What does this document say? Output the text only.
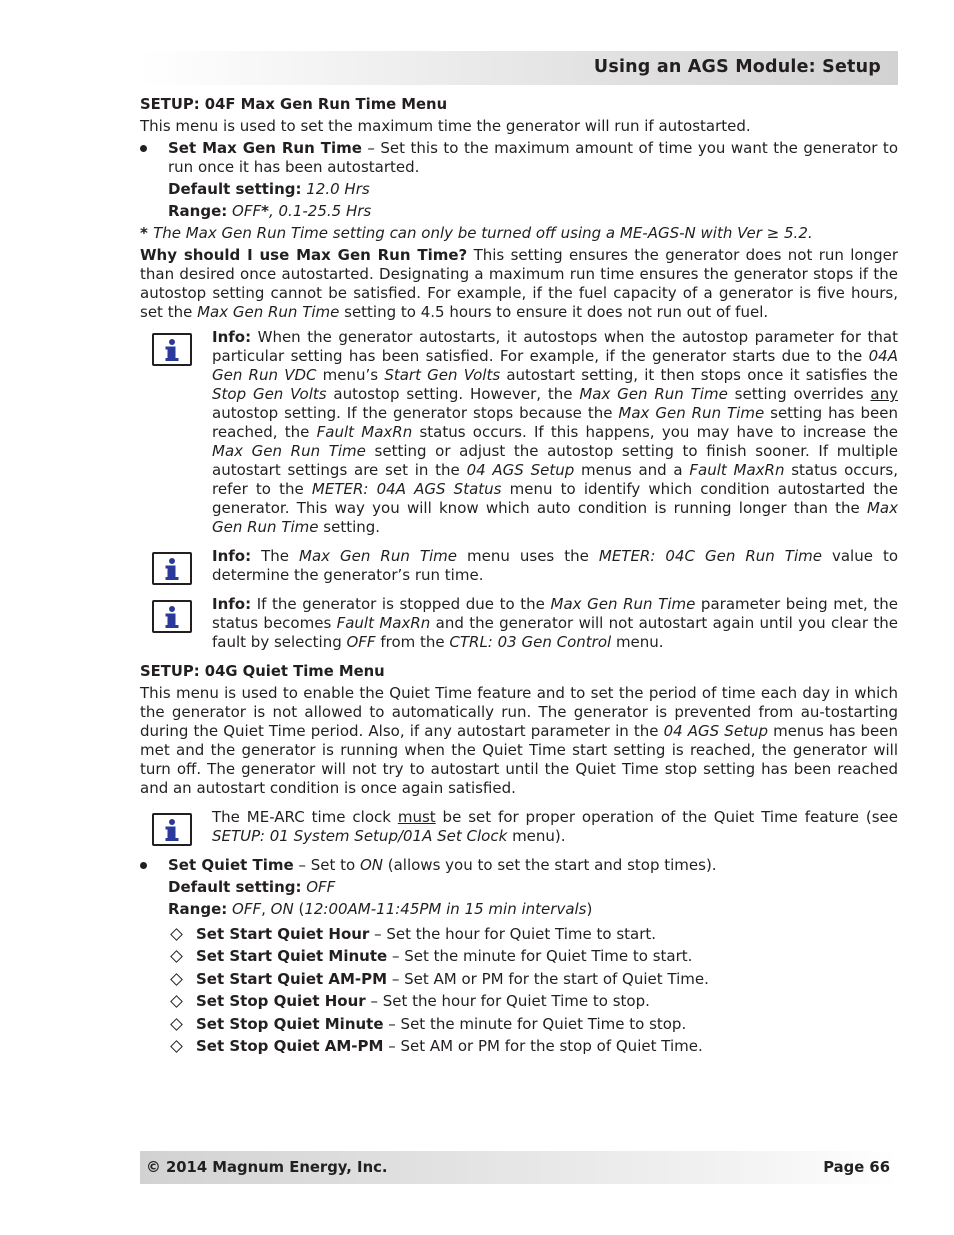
Using an AGS Module: Setup
SETUP: 04F Max Gen Run Time Menu

This menu is used to set the maximum time the generator will run if autostarted.

Set Max Gen Run Time – Set this to the maximum amount of time you want the generator to run once it has been autostarted.

Default setting: 12.0 Hrs
Range: OFF*, 0.1-25.5 Hrs

* The Max Gen Run Time setting can only be turned off using a ME-AGS-N with Ver ≥ 5.2.

Why should I use Max Gen Run Time? This setting ensures the generator does not run longer than desired once autostarted. Designating a maximum run time ensures the generator stops if the autostop setting cannot be satisfied. For example, if the fuel capacity of a generator is five hours, set the Max Gen Run Time setting to 4.5 hours to ensure it does not run out of fuel.

Info: When the generator autostarts, it autostops when the autostop parameter for that particular setting has been satisfied. For example, if the generator starts due to the 04A Gen Run VDC menu’s Start Gen Volts autostart setting, it then stops once it satisfies the Stop Gen Volts autostop setting. However, the Max Gen Run Time setting overrides any autostop setting. If the generator stops because the Max Gen Run Time setting has been reached, the Fault MaxRn status occurs. If this happens, you may have to increase the Max Gen Run Time setting or adjust the autostop setting to finish sooner. If multiple autostart settings are set in the 04 AGS Setup menus and a Fault MaxRn status occurs, refer to the METER: 04A AGS Status menu to identify which condition autostarted the generator. This way you will know which auto condition is running longer than the Max Gen Run Time setting.

Info: The Max Gen Run Time menu uses the METER: 04C Gen Run Time value to determine the generator’s run time.

Info: If the generator is stopped due to the Max Gen Run Time parameter being met, the status becomes Fault MaxRn and the generator will not autostart again until you clear the fault by selecting OFF from the CTRL: 03 Gen Control menu.

SETUP: 04G Quiet Time Menu

This menu is used to enable the Quiet Time feature and to set the period of time each day in which the generator is not allowed to automatically run. The generator is prevented from au-tostarting during the Quiet Time period. Also, if any autostart parameter in the 04 AGS Setup menus has been met and the generator is running when the Quiet Time start setting is reached, the generator will turn off. The generator will not try to autostart until the Quiet Time stop setting has been reached and an autostart condition is once again satisfied.

The ME-ARC time clock must be set for proper operation of the Quiet Time feature (see SETUP: 01 System Setup/01A Set Clock menu).

Set Quiet Time – Set to ON (allows you to set the start and stop times).

Default setting: OFF
Range: OFF, ON (12:00AM-11:45PM in 15 min intervals)
Set Start Quiet Hour – Set the hour for Quiet Time to start.
Set Start Quiet Minute – Set the minute for Quiet Time to start.
Set Start Quiet AM-PM – Set AM or PM for the start of Quiet Time.
Set Stop Quiet Hour – Set the hour for Quiet Time to stop.
Set Stop Quiet Minute – Set the minute for Quiet Time to stop.
Set Stop Quiet AM-PM – Set AM or PM for the stop of Quiet Time.
© 2014 Magnum Energy, Inc.	Page 66
